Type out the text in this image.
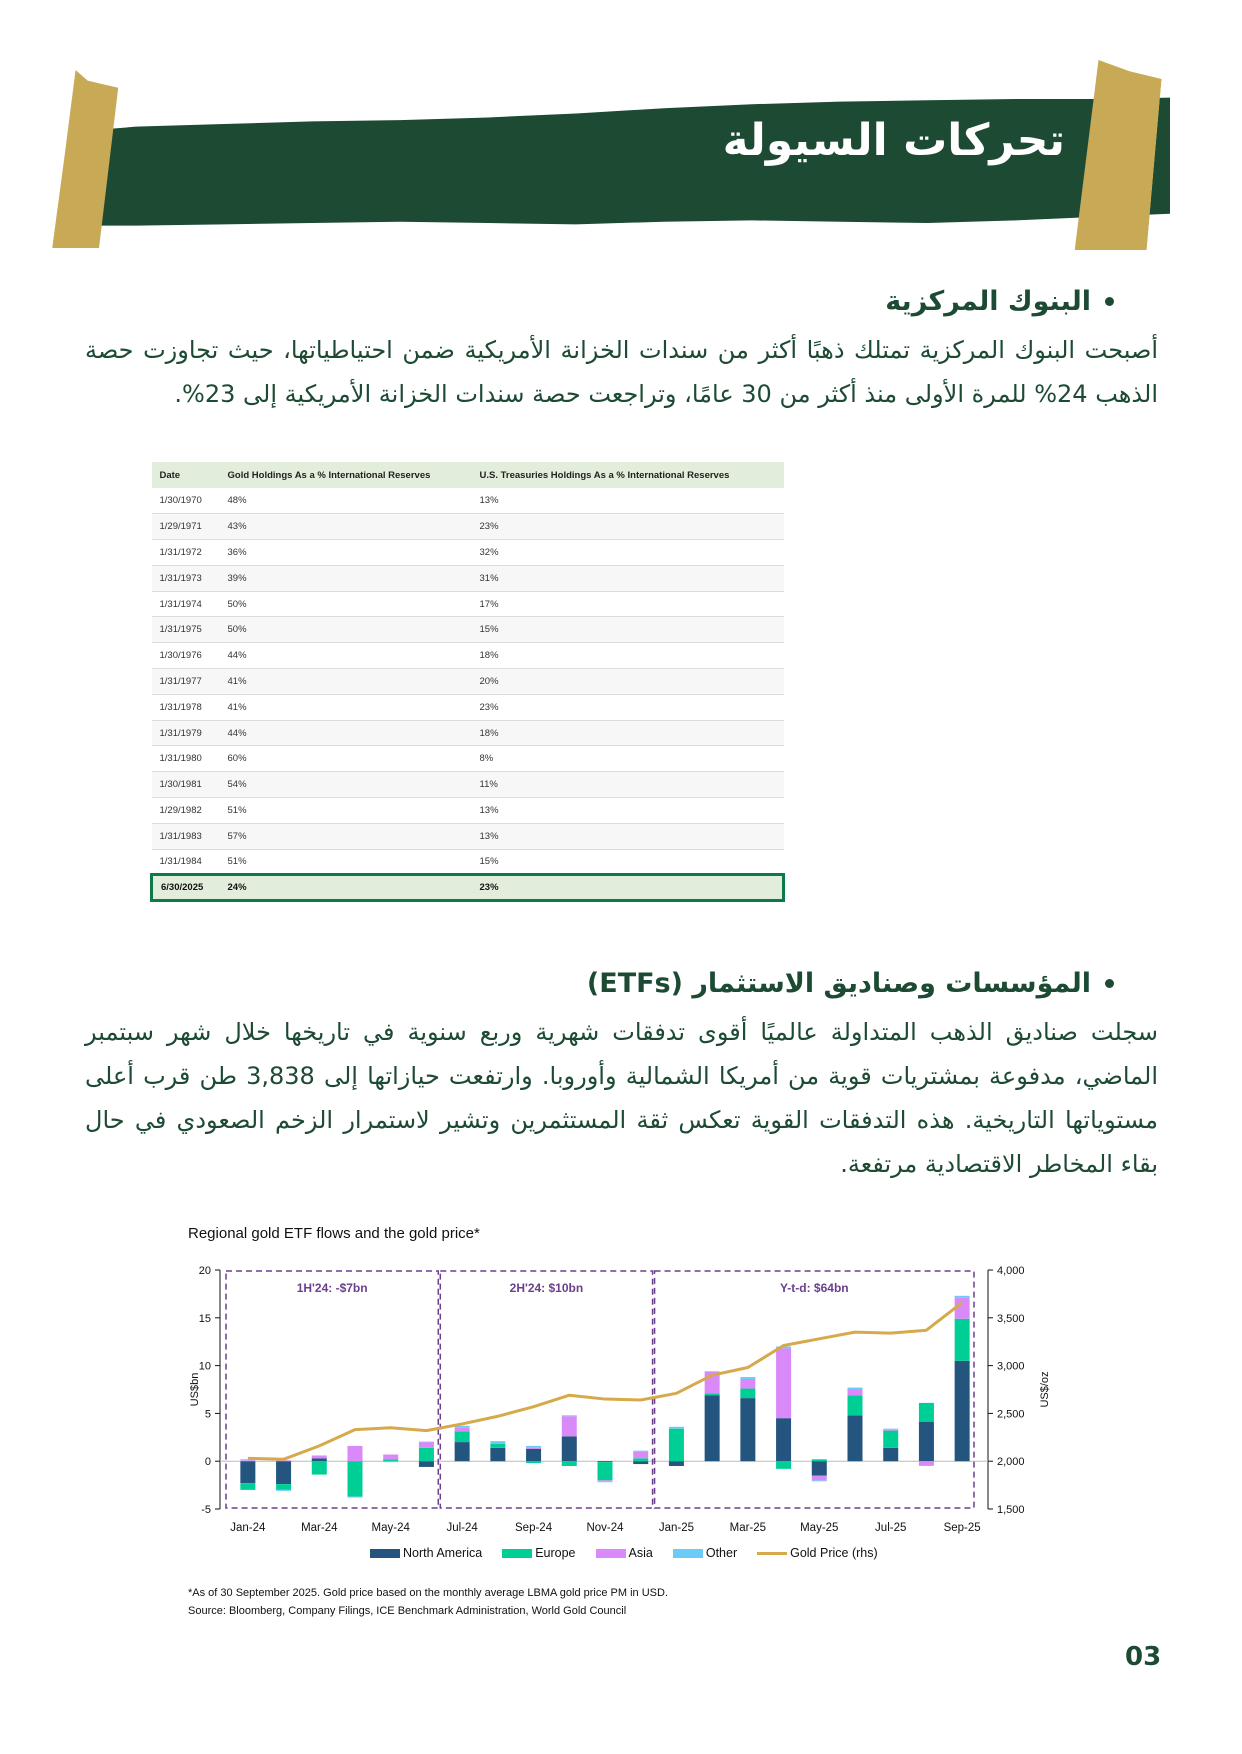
تحركات السيولة
البنوك المركزية

أصبحت البنوك المركزية تمتلك ذهبًا أكثر من سندات الخزانة الأمريكية ضمن احتياطياتها، حيث تجاوزت حصة الذهب 24% للمرة الأولى منذ أكثر من 30 عامًا، وتراجعت حصة سندات الخزانة الأمريكية إلى 23%.

Date	Gold Holdings As a % International Reserves	U.S. Treasuries Holdings As a % International Reserves
1/30/1970	48%	13%
1/29/1971	43%	23%
1/31/1972	36%	32%
1/31/1973	39%	31%
1/31/1974	50%	17%
1/31/1975	50%	15%
1/30/1976	44%	18%
1/31/1977	41%	20%
1/31/1978	41%	23%
1/31/1979	44%	18%
1/31/1980	60%	8%
1/30/1981	54%	11%
1/29/1982	51%	13%
1/31/1983	57%	13%
1/31/1984	51%	15%
6/30/2025	24%	23%
المؤسسات وصناديق الاستثمار (ETFs)

سجلت صناديق الذهب المتداولة عالميًا أقوى تدفقات شهرية وربع سنوية في تاريخها خلال شهر سبتمبر الماضي، مدفوعة بمشتريات قوية من أمريكا الشمالية وأوروبا. وارتفعت حيازاتها إلى 3,838 طن قرب أعلى مستوياتها التاريخية. هذه التدفقات القوية تعكس ثقة المستثمرين وتشير لاستمرار الزخم الصعودي في حال بقاء المخاطر الاقتصادية مرتفعة.

Regional gold ETF flows and the gold price*
-5
0
5
10
15
20
US$bn
1,500
2,000
2,500
3,000
3,500
4,000
US$/oz
1H'24: -$7bn	2H'24: $10bn	Y-t-d: $64bn
Jan-24	Mar-24	May-24	Jul-24	Sep-24	Nov-24	Jan-25	Mar-25	May-25	Jul-25	Sep-25
North America	Europe	Asia	Other	Gold Price (rhs)
*As of 30 September 2025. Gold price based on the monthly average LBMA gold price PM in USD.
Source: Bloomberg, Company Filings, ICE Benchmark Administration, World Gold Council
03
